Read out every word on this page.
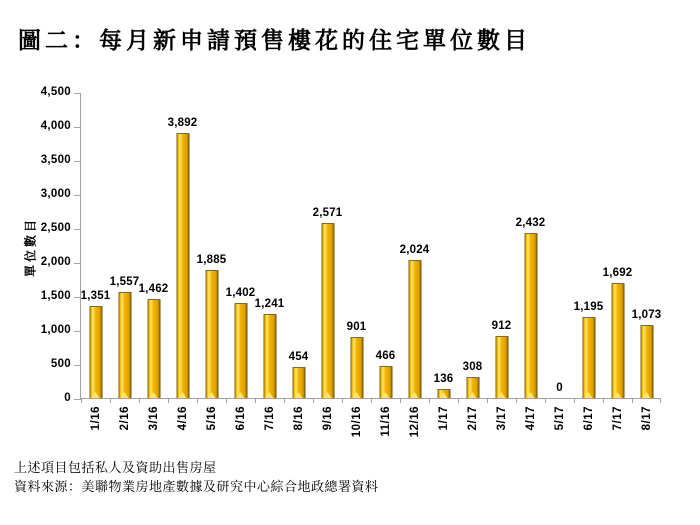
圖二：每月新申請預售樓花的住宅單位數目
單位數目
0
500
1,000
1,500
2,000
2,500
3,000
3,500
4,000
4,500
1,351
1/16
1,557
2/16
1,462
3/16
3,892
4/16
1,885
5/16
1,402
6/16
1,241
7/16
454
8/16
2,571
9/16
901
10/16
466
11/16
2,024
12/16
136
1/17
308
2/17
912
3/17
2,432
4/17
0
5/17
1,195
6/17
1,692
7/17
1,073
8/17
上述項目包括私人及資助出售房屋
資料來源：美聯物業房地產數據及研究中心綜合地政總署資料
